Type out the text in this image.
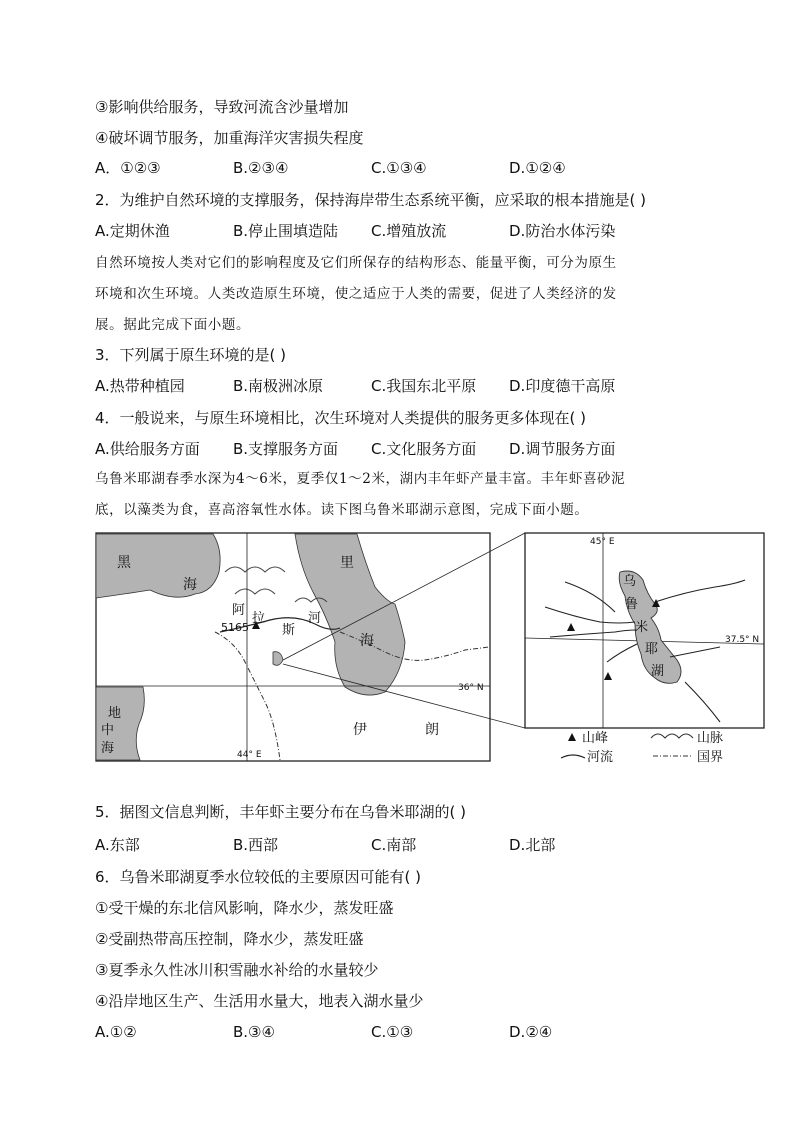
③影响供给服务，导致河流含沙量增加
④破坏调节服务，加重海洋灾害损失程度
A．①②③	B.②③④	C.①③④	D.①②④
2．为维护自然环境的支撑服务，保持海岸带生态系统平衡，应采取的根本措施是( )
A.定期休渔	B.停止围填造陆 C.增殖放流	D.防治水体污染
自然环境按人类对它们的影响程度及它们所保存的结构形态、能量平衡，可分为原生
环境和次生环境。人类改造原生环境，使之适应于人类的需要，促进了人类经济的发
展。据此完成下面小题。
3．下列属于原生环境的是( )
A.热带种植园	B.南极洲冰原	C.我国东北平原 D.印度德干高原
4．一般说来，与原生环境相比，次生环境对人类提供的服务更多体现在( )
A.供给服务方面 B.支撑服务方面 C.文化服务方面 D.调节服务方面
乌鲁米耶湖春季水深为4～6米，夏季仅1～2米，湖内丰年虾产量丰富。丰年虾喜砂泥
底，以藻类为食，喜高溶氧性水体。读下图乌鲁米耶湖示意图，完成下面小题。
黑
海
里
海
阿
拉
斯
河
地
中
海
伊	朗
5165
36° N
44° E
45° E
37.5° N
乌
鲁
米
耶
湖
山峰	山脉
河流	国界
5．据图文信息判断，丰年虾主要分布在乌鲁米耶湖的( )
A.东部	B.西部	C.南部	D.北部
6．乌鲁米耶湖夏季水位较低的主要原因可能有( )
①受干燥的东北信风影响，降水少，蒸发旺盛
②受副热带高压控制，降水少，蒸发旺盛
③夏季永久性冰川积雪融水补给的水量较少
④沿岸地区生产、生活用水量大，地表入湖水量少
A.①②	B.③④	C.①③	D.②④
